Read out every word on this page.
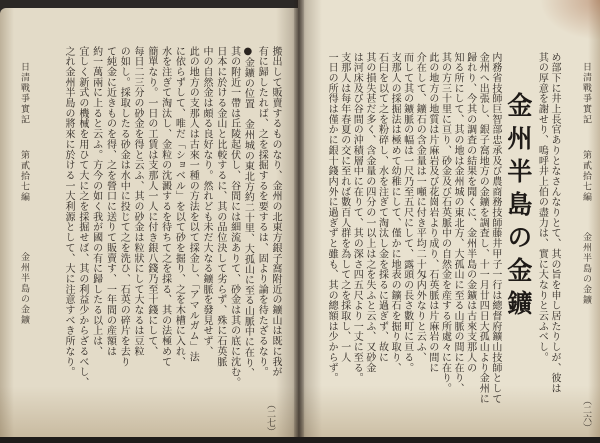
日清戰爭實記
第貳拾七編
金州半島の金鑛
（二六）
め部下に井上長官ありとなさんなりとて、其の旨を申し居たりしが、彼は
其の厚意を謝せり、嗚呼井上伯の盡力は、實に大なりと云ふべし。
金州半島の金鑛
内務省技師巨智部忠承及び農商務技師藤井甲子一行は總督府鑛山技師として
金州へ出張し、銀子窩地方の金鑛を調査し、十一月廿四日大孤山より金州に
歸れり、今其の調査の結果を聞くに、金州半島の金鑛は古來支那人の
知る所にして、其の地は金州城の東北方、大孤山に至る山脈の間に在り、
其の方三十里に亘り、砂金及び石英脈中の自然金を産する所處々に在り。
此の地方の地質は片麻岩及び花崗岩より成り、石英脈は片麻岩の間に
介在して、鑛石の含金量は一噸に付き平均二十匁内外なりと云ふ、
而して其の鑛脈の幅は一尺乃至五尺にして、露頭の長さ數町に亘る。
支那人の採掘法は極めて幼稚にして、僅かに地表の鑛石を掘り取り、
石臼を以て之を粉碎し、水を注ぎて淘汰し金を採るに過ぎず、故に
其の損失甚だ多く、含金量の四分の一以上は之を失ふと云ふ、又砂金
は河床及び谷間の沖積層中に在りて、其の深さ四五尺より一丈に至る。
支那人は每年春夏の交に至れば數百人群を為して之を採取し、一人
一日の所得は僅かに銀十錢内外に過ぎずと雖も、其の總額は少からず。
日清戰爭實記
第貳拾七編
金州半島の金鑛
（二七）
搬出して販賣するものなり、金州の北東方銀子窩附近の鑛山は既に我が
有に歸したれば、之を採掘するを要するは、固より論を待たざるなり。
●金鑛の位置　金州城の東北方約二十里、大孤山に至る山脈中に在り、
其の附近一帶は丘陵起伏し、谷間には細流ありて、砂金は其の底に沈む。
日本に於ける金山と比較するに、其の品位決して劣らず、殊に石英脈
中の自然金は頗る良好なり。然れども未だ大なる鑛脈を發見せず、
此の地方の支那人は古來一種の方法を以て採金し、「アマルガム」法
に依らずして、唯だ「ショベル」を以て砂を掘り、之を木槽に入れ、
水を注ぎて淘汰し、金粒の沈澱するを待ちて之を採る、其の法極めて
簡單なり。一日の工賃は支那人一人に付き銀八錢乃至十錢にして、
每日二三分の砂金を得と云ふ、其の砂金は粒狀にして大なるは豆粒
の如し。採取したる砂金は水中に投じて之を洗ひ、石英の碎片を去り
て純金に近きものを得、之を營口に送りて販賣す、一年間の産額は
約一萬兩に上ると云ふ。方今の如く我が國の有に歸したる以上は、
宜しく新式の機械を用ひて大に之を採掘せば、其の利益少からざるべし、
之れ金州半島の將來に於ける一大利源として、大に注意すべき所なり。
